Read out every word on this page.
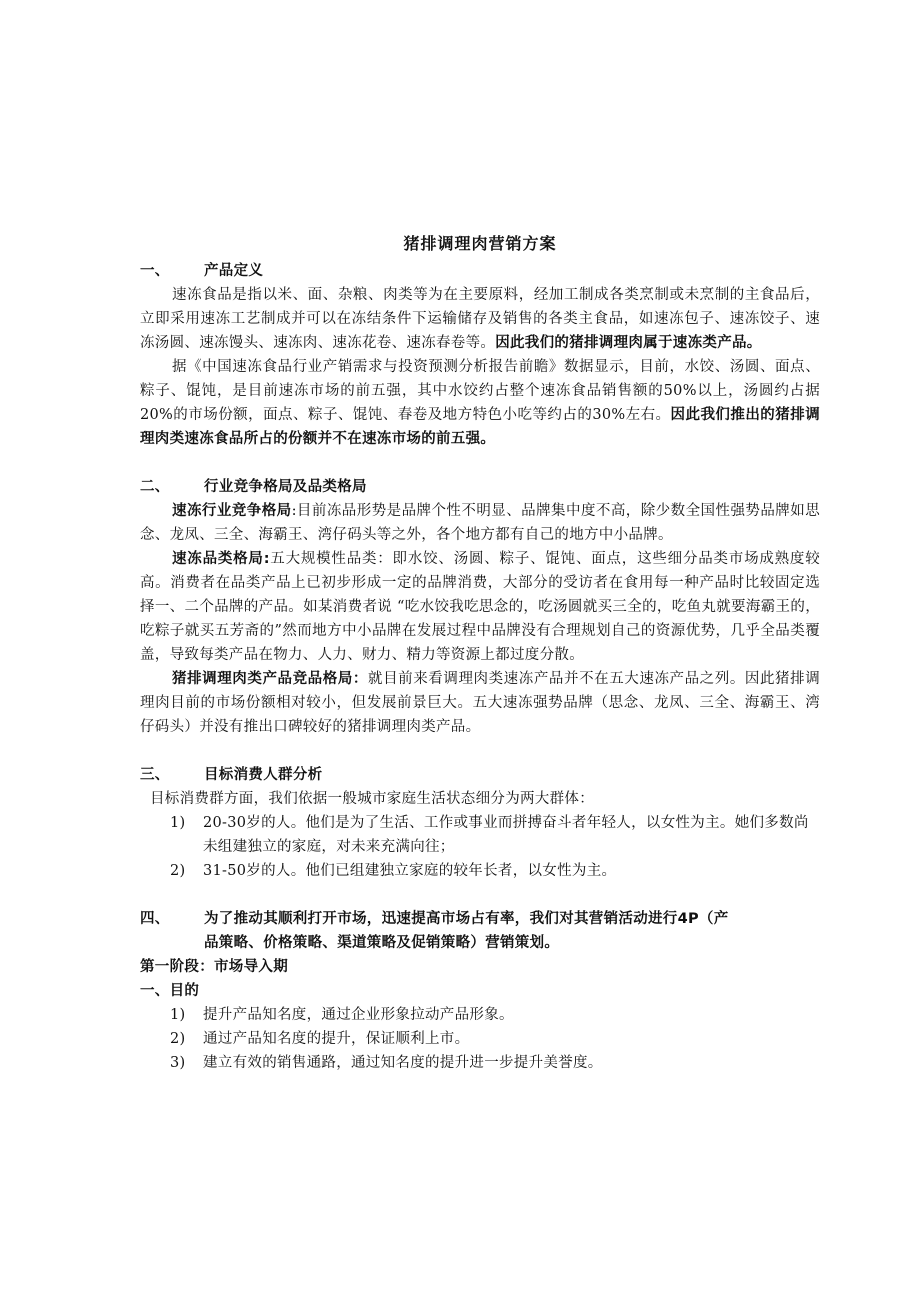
猪排调理肉营销方案
一、	产品定义

速冻食品是指以米、面、杂粮、肉类等为在主要原料，经加工制成各类烹制或未烹制的主食品后，立即采用速冻工艺制成并可以在冻结条件下运输储存及销售的各类主食品，如速冻包子、速冻饺子、速冻汤圆、速冻馒头、速冻肉、速冻花卷、速冻春卷等。因此我们的猪排调理肉属于速冻类产品。

据《中国速冻食品行业产销需求与投资预测分析报告前瞻》数据显示，目前，水饺、汤圆、面点、粽子、馄饨，是目前速冻市场的前五强，其中水饺约占整个速冻食品销售额的50%以上，汤圆约占据20%的市场份额，面点、粽子、馄饨、春卷及地方特色小吃等约占的30%左右。因此我们推出的猪排调理肉类速冻食品所占的份额并不在速冻市场的前五强。

二、	行业竞争格局及品类格局

速冻行业竞争格局:目前冻品形势是品牌个性不明显、品牌集中度不高，除少数全国性强势品牌如思念、龙凤、三全、海霸王、湾仔码头等之外，各个地方都有自己的地方中小品牌。

速冻品类格局:五大规模性品类：即水饺、汤圆、粽子、馄饨、面点，这些细分品类市场成熟度较高。消费者在品类产品上已初步形成一定的品牌消费，大部分的受访者在食用每一种产品时比较固定选择一、二个品牌的产品。如某消费者说 “吃水饺我吃思念的，吃汤圆就买三全的，吃鱼丸就要海霸王的，吃粽子就买五芳斋的”然而地方中小品牌在发展过程中品牌没有合理规划自己的资源优势，几乎全品类覆盖，导致每类产品在物力、人力、财力、精力等资源上都过度分散。

猪排调理肉类产品竞品格局：就目前来看调理肉类速冻产品并不在五大速冻产品之列。因此猪排调理肉目前的市场份额相对较小，但发展前景巨大。五大速冻强势品牌（思念、龙凤、三全、海霸王、湾仔码头）并没有推出口碑较好的猪排调理肉类产品。

三、	目标消费人群分析

目标消费群方面，我们依据一般城市家庭生活状态细分为两大群体：

1)	20-30岁的人。他们是为了生活、工作或事业而拼搏奋斗者年轻人，以女性为主。她们多数尚未组建独立的家庭，对未来充满向往；
2)	31-50岁的人。他们已组建独立家庭的较年长者，以女性为主。
四、	为了推动其顺利打开市场，迅速提高市场占有率，我们对其营销活动进行4P（产
品策略、价格策略、渠道策略及促销策略）营销策划。
第一阶段：市场导入期
一、目的
1)	提升产品知名度，通过企业形象拉动产品形象。
2)	通过产品知名度的提升，保证顺利上市。
3)	建立有效的销售通路，通过知名度的提升进一步提升美誉度。
